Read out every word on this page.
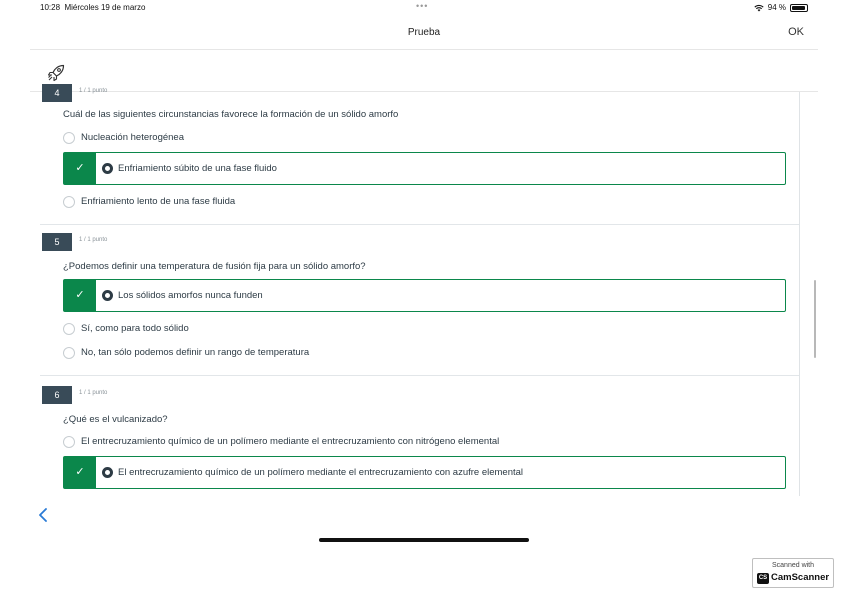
10:28 Miércoles 19 de marzo	•••	94 %
Prueba	OK
4	1 / 1 punto
Cuál de las siguientes circunstancias favorece la formación de un sólido amorfo
Nucleación heterogénea
✓	Enfriamiento súbito de una fase fluido
Enfriamiento lento de una fase fluida
5	1 / 1 punto
¿Podemos definir una temperatura de fusión fija para un sólido amorfo?
✓	Los sólidos amorfos nunca funden
Sí, como para todo sólido
No, tan sólo podemos definir un rango de temperatura
6	1 / 1 punto
¿Qué es el vulcanizado?
El entrecruzamiento químico de un polímero mediante el entrecruzamiento con nitrógeno elemental
✓	El entrecruzamiento químico de un polímero mediante el entrecruzamiento con azufre elemental
Scanned with
CS CamScanner
